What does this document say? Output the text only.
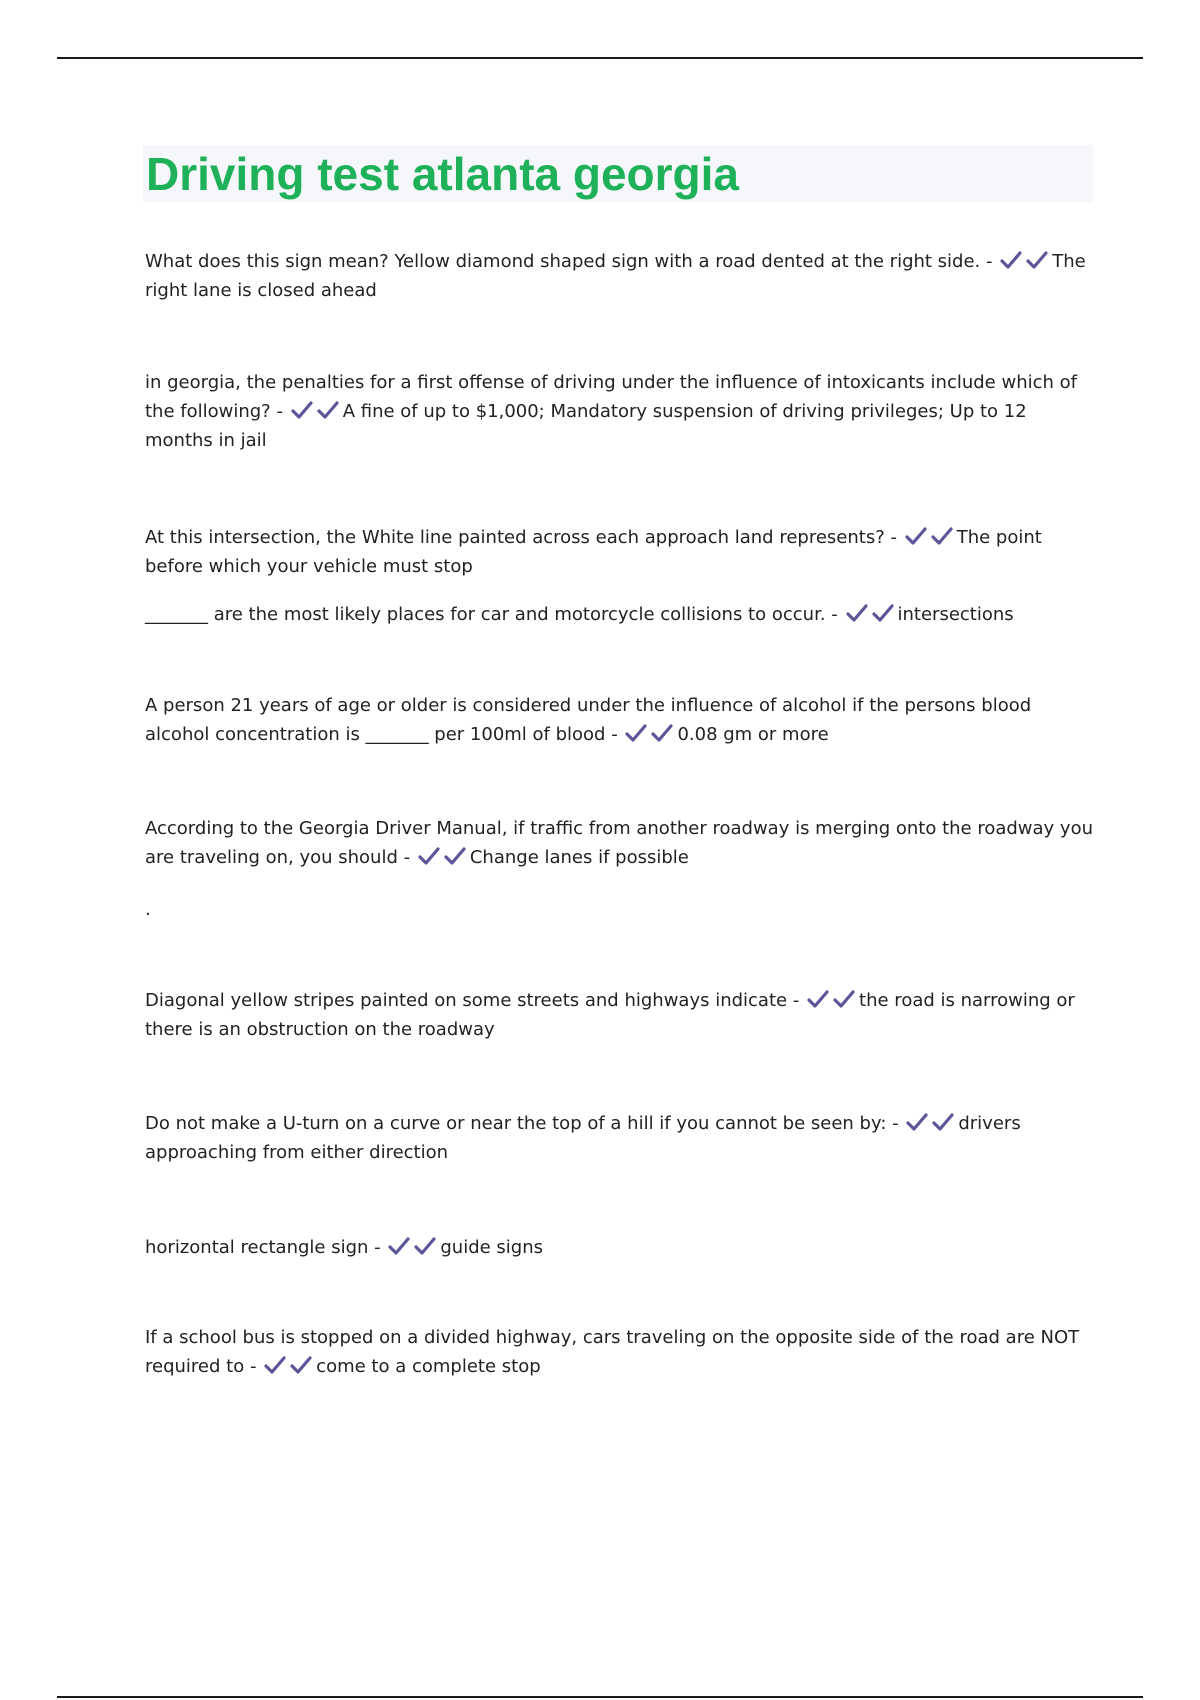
Driving test atlanta georgia

What does this sign mean? Yellow diamond shaped sign with a road dented at the right side. -	The right lane is closed ahead

in georgia, the penalties for a first offense of driving under the influence of intoxicants include which of the following? -	A fine of up to $1,000; Mandatory suspension of driving privileges; Up to 12 months in jail

At this intersection, the White line painted across each approach land represents? -	The point before which your vehicle must stop

_______ are the most likely places for car and motorcycle collisions to occur. -	intersections

A person 21 years of age or older is considered under the influence of alcohol if the persons blood alcohol concentration is _______ per 100ml of blood -	0.08 gm or more

According to the Georgia Driver Manual, if traffic from another roadway is merging onto the roadway you are traveling on, you should -	Change lanes if possible

.

Diagonal yellow stripes painted on some streets and highways indicate -	the road is narrowing or there is an obstruction on the roadway

Do not make a U-turn on a curve or near the top of a hill if you cannot be seen by: -	drivers approaching from either direction

horizontal rectangle sign -	guide signs

If a school bus is stopped on a divided highway, cars traveling on the opposite side of the road are NOT required to -	come to a complete stop
